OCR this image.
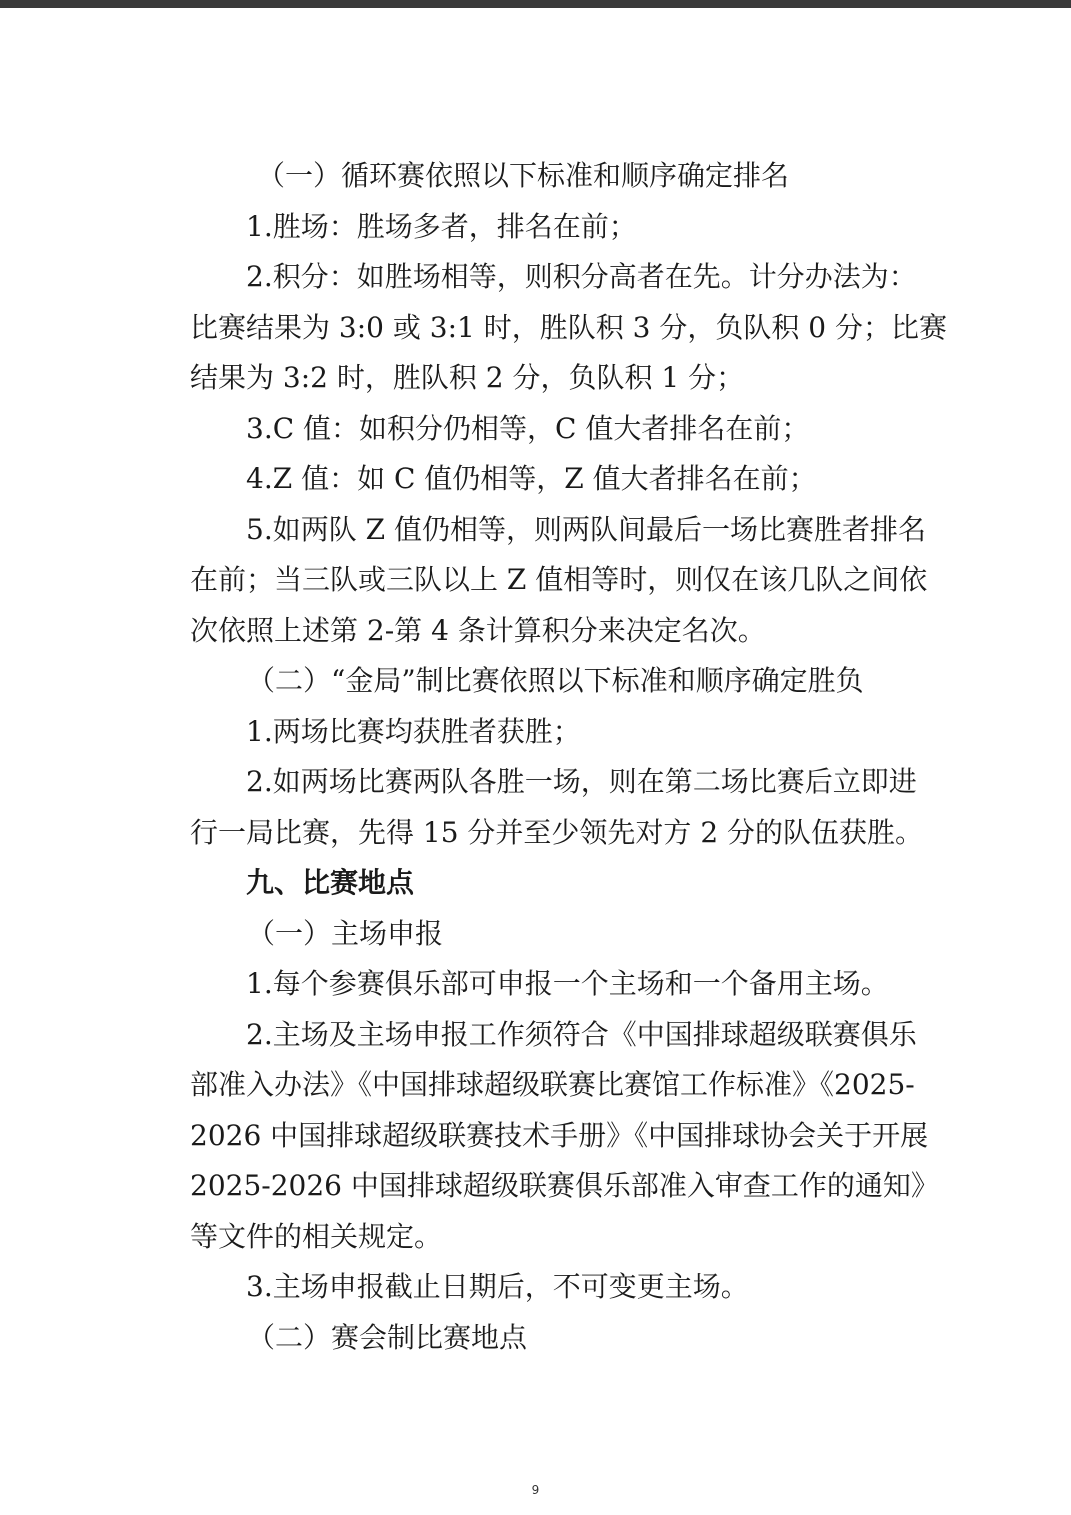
（一）循环赛依照以下标准和顺序确定排名
1.胜场：胜场多者，排名在前；
2.积分：如胜场相等，则积分高者在先。计分办法为：
比赛结果为 3:0 或 3:1 时，胜队积 3 分，负队积 0 分；比赛
结果为 3:2 时，胜队积 2 分，负队积 1 分；
3.C 值：如积分仍相等，C 值大者排名在前；
4.Z 值：如 C 值仍相等，Z 值大者排名在前；
5.如两队 Z 值仍相等，则两队间最后一场比赛胜者排名
在前；当三队或三队以上 Z 值相等时，则仅在该几队之间依
次依照上述第 2-第 4 条计算积分来决定名次。
（二）“金局”制比赛依照以下标准和顺序确定胜负
1.两场比赛均获胜者获胜；
2.如两场比赛两队各胜一场，则在第二场比赛后立即进
行一局比赛，先得 15 分并至少领先对方 2 分的队伍获胜。
九、比赛地点
（一）主场申报
1.每个参赛俱乐部可申报一个主场和一个备用主场。
2.主场及主场申报工作须符合《中国排球超级联赛俱乐
部准入办法》《中国排球超级联赛比赛馆工作标准》《2025-
2026 中国排球超级联赛技术手册》《中国排球协会关于开展
2025-2026 中国排球超级联赛俱乐部准入审查工作的通知》
等文件的相关规定。
3.主场申报截止日期后，不可变更主场。
（二）赛会制比赛地点
9
